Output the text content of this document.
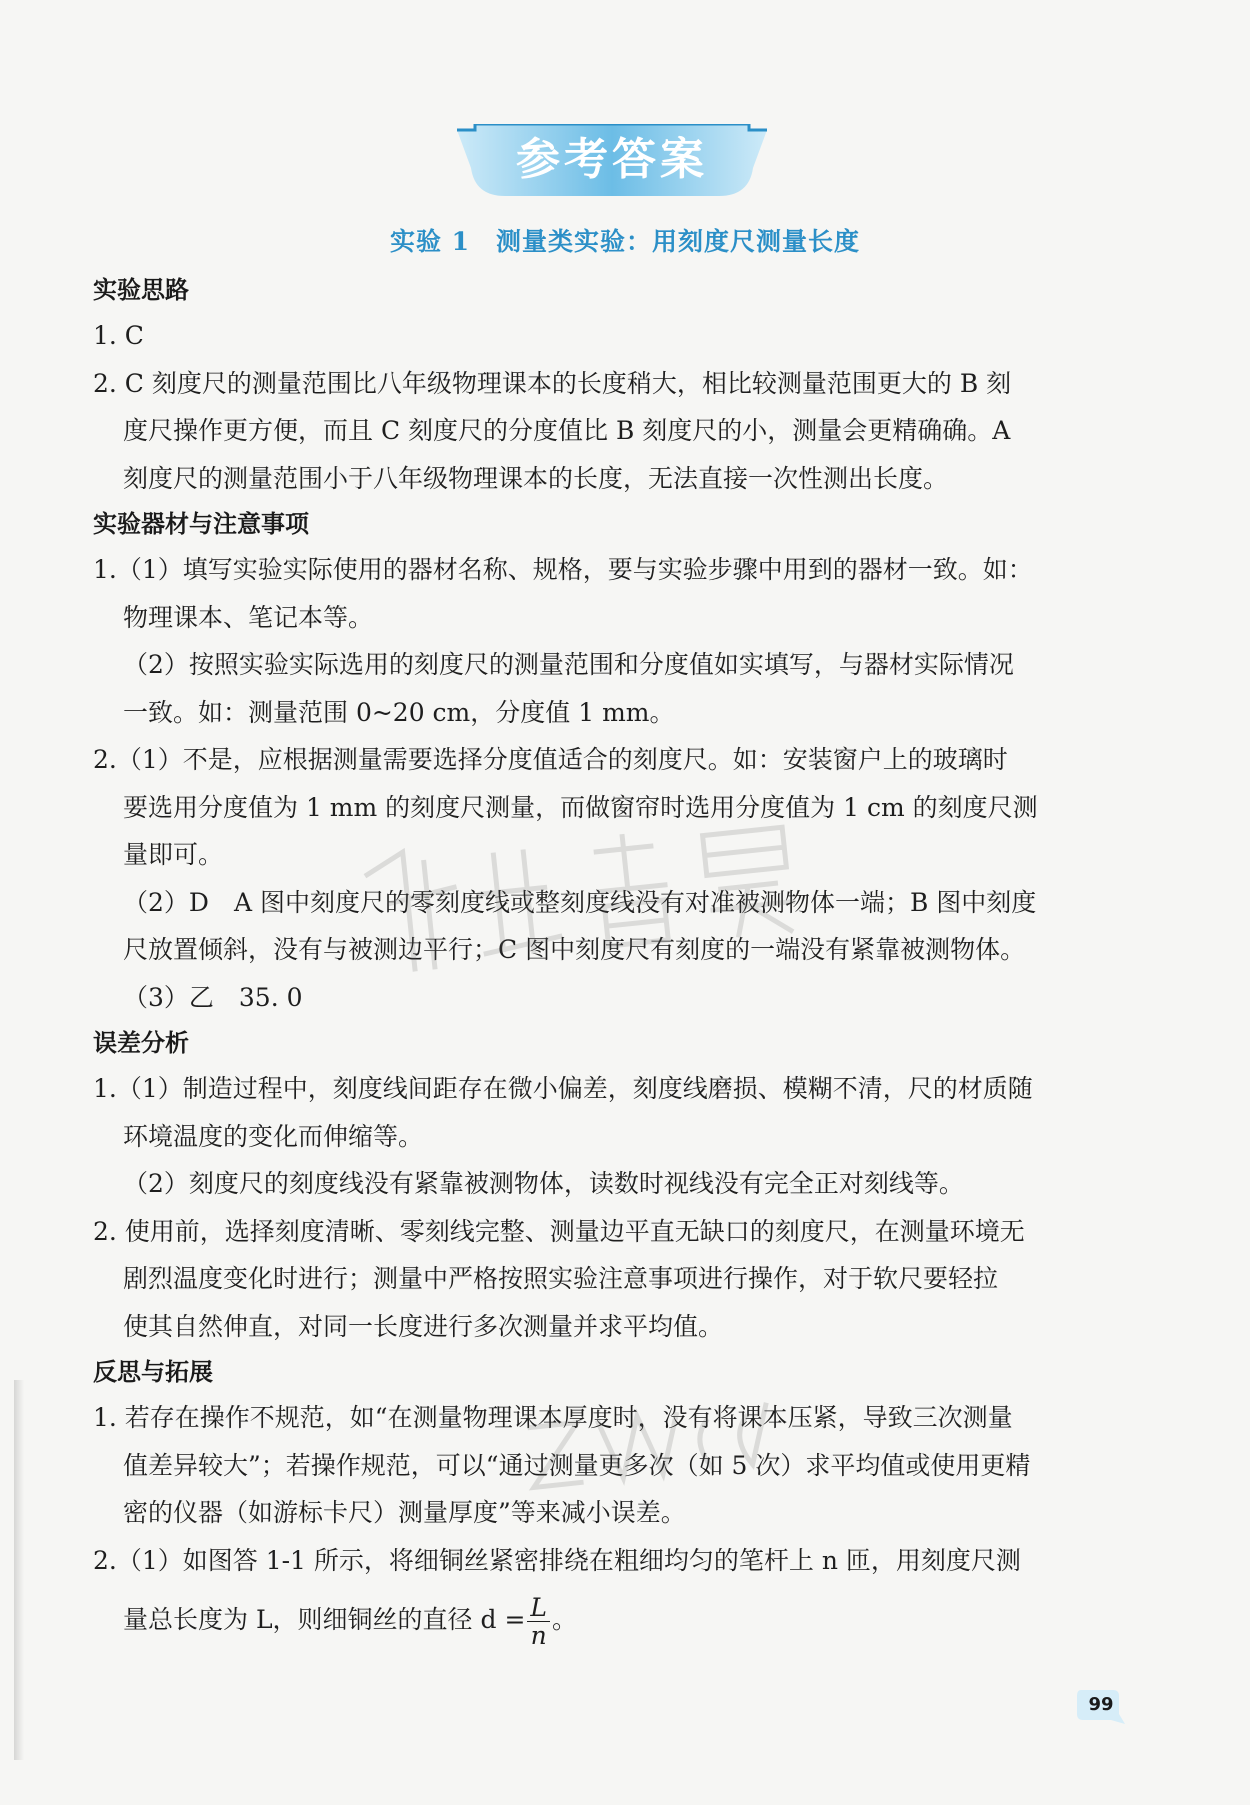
参考答案
实验 1　测量类实验：用刻度尺测量长度
实验思路
1. C
2. C 刻度尺的测量范围比八年级物理课本的长度稍大，相比较测量范围更大的 B 刻
度尺操作更方便，而且 C 刻度尺的分度值比 B 刻度尺的小，测量会更精确确。A
刻度尺的测量范围小于八年级物理课本的长度，无法直接一次性测出长度。
实验器材与注意事项
1.（1）填写实验实际使用的器材名称、规格，要与实验步骤中用到的器材一致。如：
物理课本、笔记本等。
（2）按照实验实际选用的刻度尺的测量范围和分度值如实填写，与器材实际情况
一致。如：测量范围 0~20 cm，分度值 1 mm。
2.（1）不是，应根据测量需要选择分度值适合的刻度尺。如：安装窗户上的玻璃时
要选用分度值为 1 mm 的刻度尺测量，而做窗帘时选用分度值为 1 cm 的刻度尺测
量即可。
（2）D　A 图中刻度尺的零刻度线或整刻度线没有对准被测物体一端；B 图中刻度
尺放置倾斜，没有与被测边平行；C 图中刻度尺有刻度的一端没有紧靠被测物体。
（3）乙　35. 0
误差分析
1.（1）制造过程中，刻度线间距存在微小偏差，刻度线磨损、模糊不清，尺的材质随
环境温度的变化而伸缩等。
（2）刻度尺的刻度线没有紧靠被测物体，读数时视线没有完全正对刻线等。
2. 使用前，选择刻度清晰、零刻线完整、测量边平直无缺口的刻度尺，在测量环境无
剧烈温度变化时进行；测量中严格按照实验注意事项进行操作，对于软尺要轻拉
使其自然伸直，对同一长度进行多次测量并求平均值。
反思与拓展
1. 若存在操作不规范，如“在测量物理课本厚度时，没有将课本压紧，导致三次测量
值差异较大”；若操作规范，可以“通过测量更多次（如 5 次）求平均值或使用更精
密的仪器（如游标卡尺）测量厚度”等来减小误差。
2.（1）如图答 1-1 所示，将细铜丝紧密排绕在粗细均匀的笔杆上 n 匝，用刻度尺测
量总长度为 L，则细铜丝的直径 $d = \frac{L}{n}$ 。
99
